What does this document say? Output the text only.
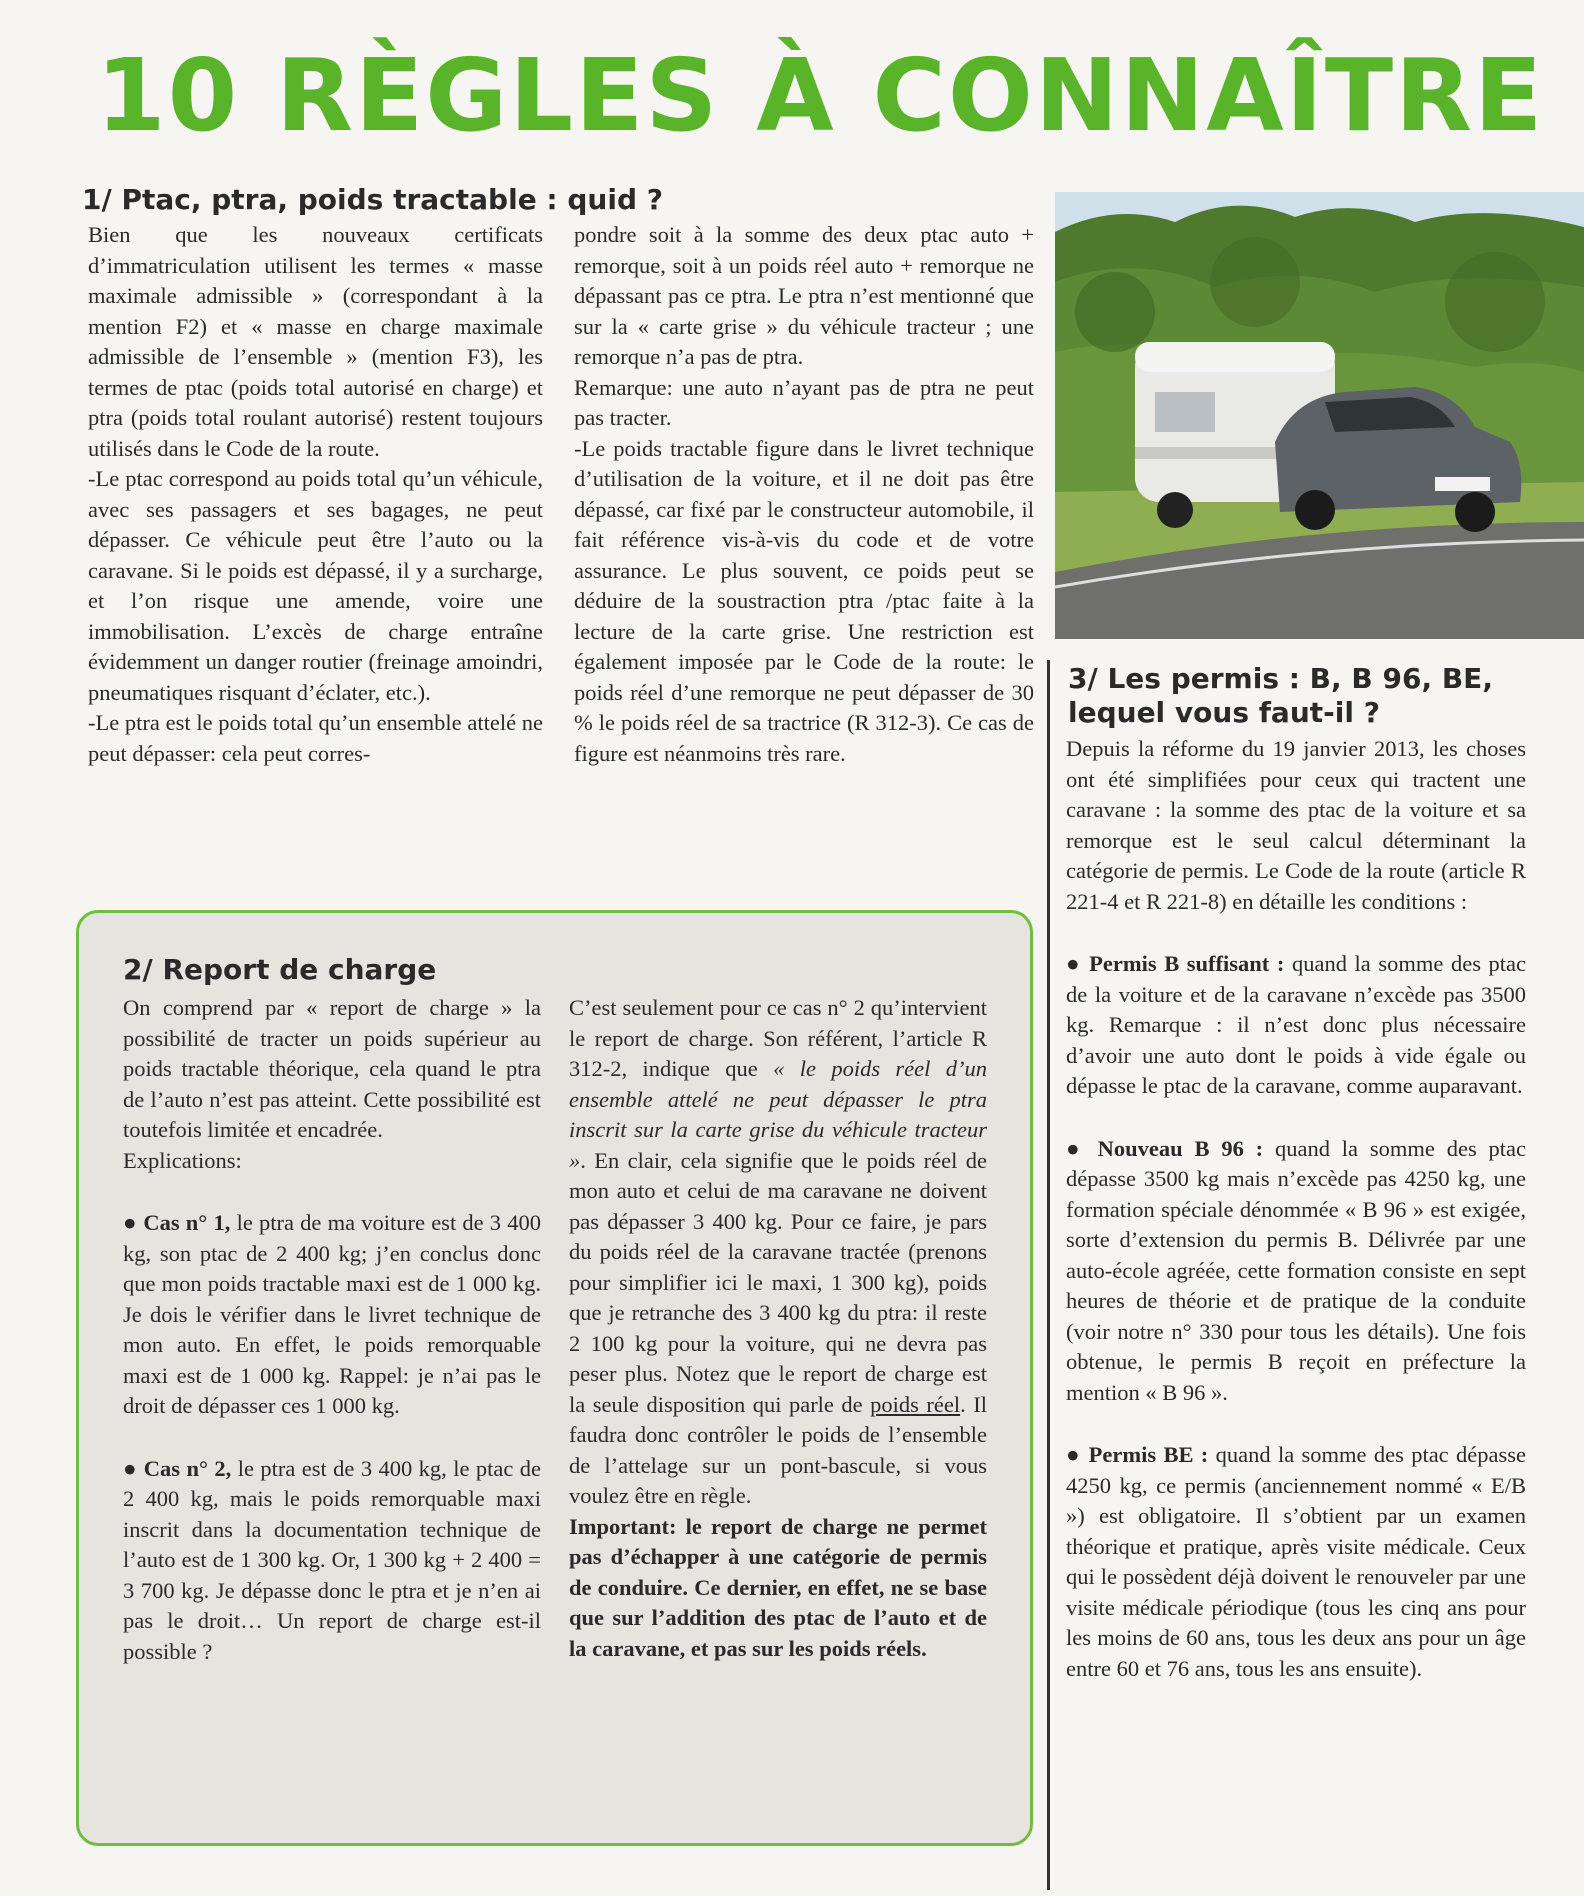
10 RÈGLES À CONNAÎTRE
1/ Ptac, ptra, poids tractable : quid ?

Bien que les nouveaux certificats d’immatriculation utilisent les termes « masse maximale admissible » (correspondant à la mention F2) et « masse en charge maximale admissible de l’ensemble » (mention F3), les termes de ptac (poids total autorisé en charge) et ptra (poids total roulant autorisé) restent toujours utilisés dans le Code de la route.

-Le ptac correspond au poids total qu’un véhicule, avec ses passagers et ses bagages, ne peut dépasser. Ce véhicule peut être l’auto ou la caravane. Si le poids est dépassé, il y a surcharge, et l’on risque une amende, voire une immobilisation. L’excès de charge entraîne évidemment un danger routier (freinage amoindri, pneumatiques risquant d’éclater, etc.).

-Le ptra est le poids total qu’un ensemble attelé ne peut dépasser: cela peut corres-

pondre soit à la somme des deux ptac auto + remorque, soit à un poids réel auto + remorque ne dépassant pas ce ptra. Le ptra n’est mentionné que sur la « carte grise » du véhicule tracteur ; une remorque n’a pas de ptra.

Remarque: une auto n’ayant pas de ptra ne peut pas tracter.

-Le poids tractable figure dans le livret technique d’utilisation de la voiture, et il ne doit pas être dépassé, car fixé par le constructeur automobile, il fait référence vis-à-vis du code et de votre assurance. Le plus souvent, ce poids peut se déduire de la soustraction ptra /ptac faite à la lecture de la carte grise. Une restriction est également imposée par le Code de la route: le poids réel d’une remorque ne peut dépasser de 30 % le poids réel de sa tractrice (R 312-3). Ce cas de figure est néanmoins très rare.

3/ Les permis : B, B 96, BE, lequel vous faut-il ?

Depuis la réforme du 19 janvier 2013, les choses ont été simplifiées pour ceux qui tractent une caravane : la somme des ptac de la voiture et sa remorque est le seul calcul déterminant la catégorie de permis. Le Code de la route (article R 221-4 et R 221-8) en détaille les conditions :

● Permis B suffisant : quand la somme des ptac de la voiture et de la caravane n’excède pas 3500 kg. Remarque : il n’est donc plus nécessaire d’avoir une auto dont le poids à vide égale ou dépasse le ptac de la caravane, comme auparavant.

● Nouveau B 96 : quand la somme des ptac dépasse 3500 kg mais n’excède pas 4250 kg, une formation spéciale dénommée « B 96 » est exigée, sorte d’extension du permis B. Délivrée par une auto-école agréée, cette formation consiste en sept heures de théorie et de pratique de la conduite (voir notre n° 330 pour tous les détails). Une fois obtenue, le permis B reçoit en préfecture la mention « B 96 ».

● Permis BE : quand la somme des ptac dépasse 4250 kg, ce permis (anciennement nommé « E/B ») est obligatoire. Il s’obtient par un examen théorique et pratique, après visite médicale. Ceux qui le possèdent déjà doivent le renouveler par une visite médicale périodique (tous les cinq ans pour les moins de 60 ans, tous les deux ans pour un âge entre 60 et 76 ans, tous les ans ensuite).

2/ Report de charge

On comprend par « report de charge » la possibilité de tracter un poids supérieur au poids tractable théorique, cela quand le ptra de l’auto n’est pas atteint. Cette possibilité est toutefois limitée et encadrée.

Explications:

● Cas n° 1, le ptra de ma voiture est de 3 400 kg, son ptac de 2 400 kg; j’en conclus donc que mon poids tractable maxi est de 1 000 kg. Je dois le vérifier dans le livret technique de mon auto. En effet, le poids remorquable maxi est de 1 000 kg. Rappel: je n’ai pas le droit de dépasser ces 1 000 kg.

● Cas n° 2, le ptra est de 3 400 kg, le ptac de 2 400 kg, mais le poids remorquable maxi inscrit dans la documentation technique de l’auto est de 1 300 kg. Or, 1 300 kg + 2 400 = 3 700 kg. Je dépasse donc le ptra et je n’en ai pas le droit… Un report de charge est-il possible ?

C’est seulement pour ce cas n° 2 qu’intervient le report de charge. Son référent, l’article R 312-2, indique que « le poids réel d’un ensemble attelé ne peut dépasser le ptra inscrit sur la carte grise du véhicule tracteur ». En clair, cela signifie que le poids réel de mon auto et celui de ma caravane ne doivent pas dépasser 3 400 kg. Pour ce faire, je pars du poids réel de la caravane tractée (prenons pour simplifier ici le maxi, 1 300 kg), poids que je retranche des 3 400 kg du ptra: il reste 2 100 kg pour la voiture, qui ne devra pas peser plus. Notez que le report de charge est la seule disposition qui parle de poids réel. Il faudra donc contrôler le poids de l’ensemble de l’attelage sur un pont-bascule, si vous voulez être en règle.

Important: le report de charge ne permet pas d’échapper à une catégorie de permis de conduire. Ce dernier, en effet, ne se base que sur l’addition des ptac de l’auto et de la caravane, et pas sur les poids réels.
